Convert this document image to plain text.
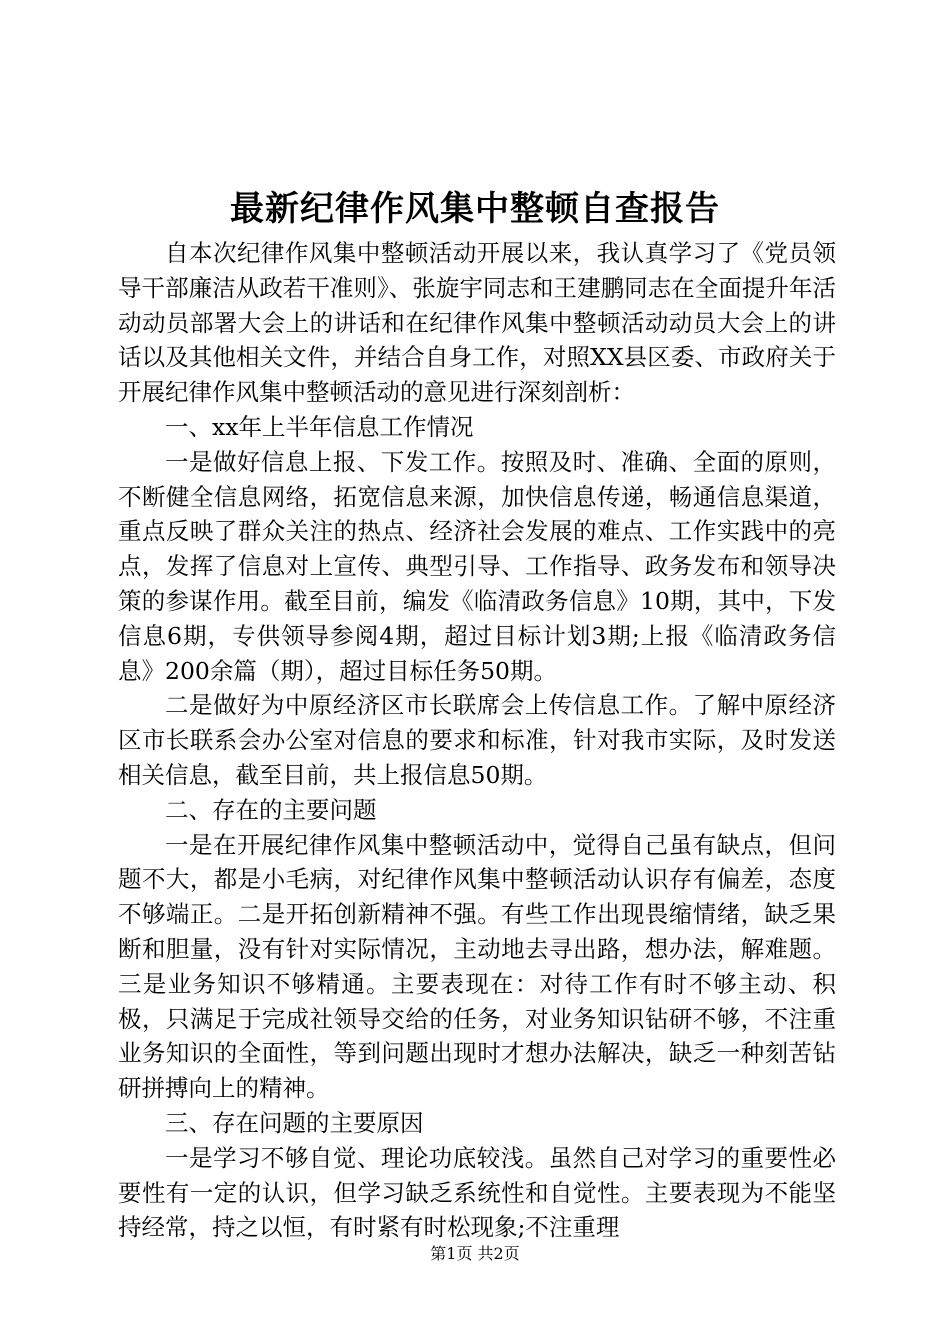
最新纪律作风集中整顿自查报告

自本次纪律作风集中整顿活动开展以来，我认真学习了《党员领导干部廉洁从政若干准则》、张旋宇同志和王建鹏同志在全面提升年活动动员部署大会上的讲话和在纪律作风集中整顿活动动员大会上的讲话以及其他相关文件，并结合自身工作，对照XX县区委、市政府关于开展纪律作风集中整顿活动的意见进行深刻剖析：

一、xx年上半年信息工作情况

一是做好信息上报、下发工作。按照及时、准确、全面的原则，不断健全信息网络，拓宽信息来源，加快信息传递，畅通信息渠道，重点反映了群众关注的热点、经济社会发展的难点、工作实践中的亮点，发挥了信息对上宣传、典型引导、工作指导、政务发布和领导决策的参谋作用。截至目前，编发《临清政务信息》10期，其中，下发信息6期，专供领导参阅4期，超过目标计划3期;上报《临清政务信息》200余篇（期），超过目标任务50期。

二是做好为中原经济区市长联席会上传信息工作。了解中原经济区市长联系会办公室对信息的要求和标准，针对我市实际，及时发送相关信息，截至目前，共上报信息50期。

二、存在的主要问题

一是在开展纪律作风集中整顿活动中，觉得自己虽有缺点，但问题不大，都是小毛病，对纪律作风集中整顿活动认识存有偏差，态度不够端正。二是开拓创新精神不强。有些工作出现畏缩情绪，缺乏果断和胆量，没有针对实际情况，主动地去寻出路，想办法，解难题。三是业务知识不够精通。主要表现在：对待工作有时不够主动、积极，只满足于完成社领导交给的任务，对业务知识钻研不够，不注重业务知识的全面性，等到问题出现时才想办法解决，缺乏一种刻苦钻研拼搏向上的精神。

三、存在问题的主要原因

一是学习不够自觉、理论功底较浅。虽然自己对学习的重要性必要性有一定的认识，但学习缺乏系统性和自觉性。主要表现为不能坚持经常，持之以恒，有时紧有时松现象;不注重理

第1页 共2页
